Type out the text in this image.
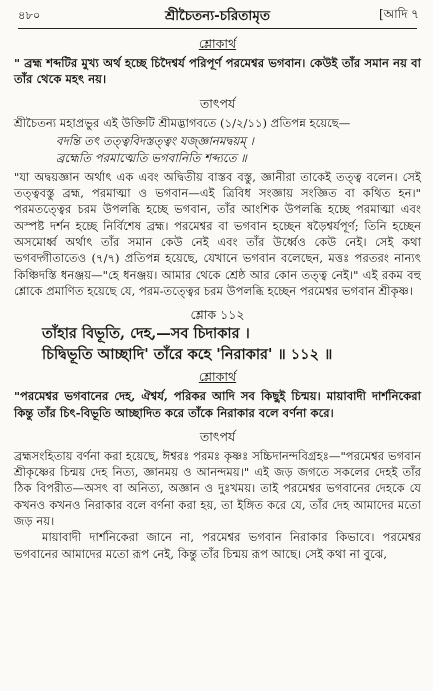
৪৮০	শ্রীচৈতন্য-চরিতামৃত	[আদি ৭

শ্লোকার্থ

" ব্রহ্ম শব্দটির মুখ্য অর্থ হচ্ছে চিদৈশ্বর্য পরিপূর্ণ পরমেশ্বর ভগবান। কেউই তাঁর সমান নয় বা তাঁর থেকে মহৎ নয়।

তাৎপর্য

শ্রীচৈতন্য মহাপ্রভুর এই উক্তিটি শ্রীমদ্ভাগবতে (১/২/১১) প্রতিপন্ন হয়েছে—

বদন্তি তৎ তত্ত্ববিদস্তত্ত্বং যজ্জ্ঞানমদ্বয়ম্ ।
ব্রহ্মেতি পরমাত্মেতি ভগবানিতি শব্দ্যতে ॥

"যা অদ্বয়জ্ঞান অর্থাৎ এক এবং অদ্বিতীয় বাস্তব বস্তু, জ্ঞানীরা তাকেই তত্ত্ব বলেন। সেই তত্ত্ববস্তু ব্রহ্ম, পরমাত্মা ও ভগবান—এই ত্রিবিধ সংজ্ঞায় সংজ্ঞিত বা কথিত হন।" পরমতত্ত্বের চরম উপলব্ধি হচ্ছে ভগবান, তাঁর আংশিক উপলব্ধি হচ্ছে পরমাত্মা এবং অস্পষ্ট দর্শন হচ্ছে নির্বিশেষ ব্রহ্ম। পরমেশ্বর বা ভগবান হচ্ছেন ষড়ৈশ্বর্যপূর্ণ; তিনি হচ্ছেন অসমোর্ধ্ব অর্থাৎ তাঁর সমান কেউ নেই এবং তাঁর উর্ধ্বেও কেউ নেই। সেই কথা ভগবদ্গীতাতেও (৭/৭) প্রতিপন্ন হয়েছে, যেখানে ভগবান বলেছেন, মত্তঃ পরতরং নান্যৎ কিঞ্চিদস্তি ধনঞ্জয়—"হে ধনঞ্জয়। আমার থেকে শ্রেষ্ঠ আর কোন তত্ত্ব নেই।" এই রকম বহু শ্লোকে প্রমাণিত হয়েছে যে, পরম-তত্ত্বের চরম উপলব্ধি হচ্ছেন পরমেশ্বর ভগবান শ্রীকৃষ্ণ।

শ্লোক ১১২

তাঁহার বিভূতি, দেহ,—সব চিদাকার ।

চিদ্বিভূতি আচ্ছাদি' তাঁরে কহে 'নিরাকার' ॥ ১১২ ॥

শ্লোকার্থ

"পরমেশ্বর ভগবানের দেহ, ঐশ্বর্য, পরিকর আদি সব কিছুই চিন্ময়। মায়াবাদী দার্শনিকেরা কিন্তু তাঁর চিৎ-বিভূতি আচ্ছাদিত করে তাঁকে নিরাকার বলে বর্ণনা করে।

তাৎপর্য

ব্রহ্মসংহিতায় বর্ণনা করা হয়েছে, ঈশ্বরঃ পরমঃ কৃষ্ণঃ সচ্চিদানন্দবিগ্রহঃ—"পরমেশ্বর ভগবান শ্রীকৃষ্ণের চিন্ময় দেহ নিত্য, জ্ঞানময় ও আনন্দময়।" এই জড় জগতে সকলের দেহই তাঁর ঠিক বিপরীত—অসৎ বা অনিত্য, অজ্ঞান ও দুঃখময়। তাই পরমেশ্বর ভগবানের দেহকে যে কখনও কখনও নিরাকার বলে বর্ণনা করা হয়, তা ইঙ্গিত করে যে, তাঁর দেহ আমাদের মতো জড় নয়।

মায়াবাদী দার্শনিকেরা জানে না, পরমেশ্বর ভগবান নিরাকার কিভাবে। পরমেশ্বর ভগবানের আমাদের মতো রূপ নেই, কিন্তু তাঁর চিন্ময় রূপ আছে। সেই কথা না বুঝে,
